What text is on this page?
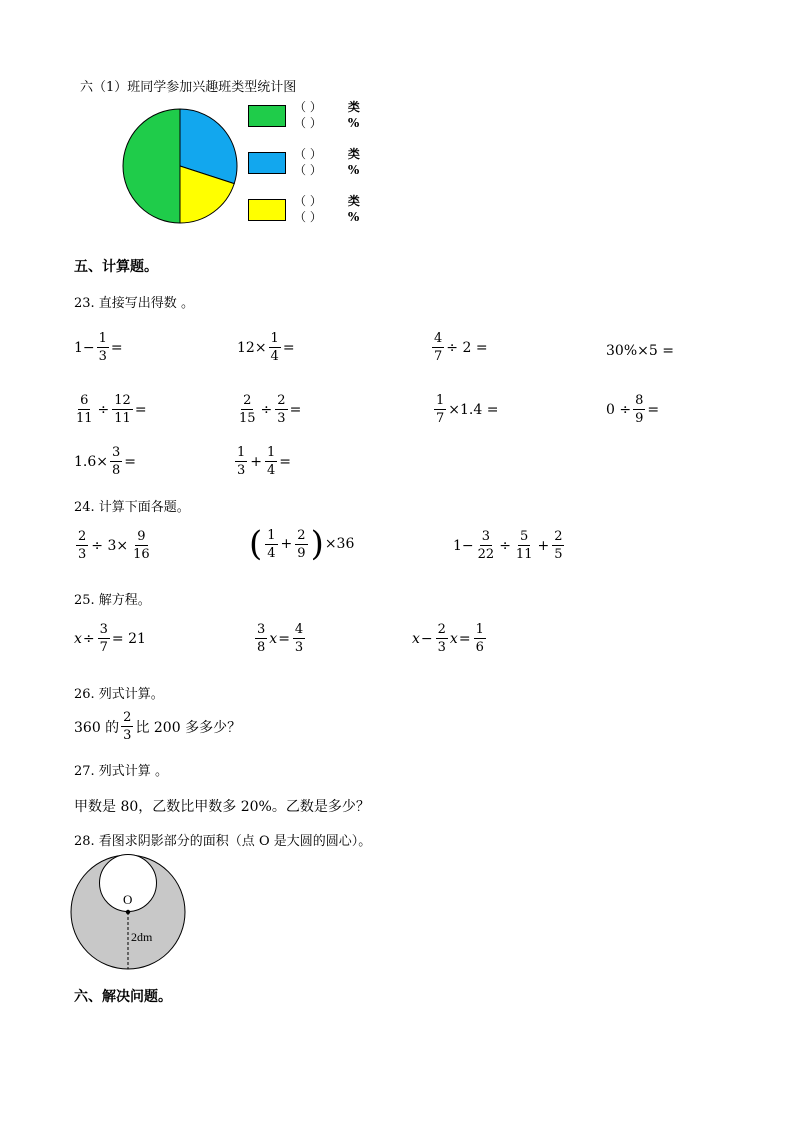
六（1）班同学参加兴趣班类型统计图
（ ） 类
（ ） %
（ ） 类
（ ） %
（ ） 类
（ ） %
五、计算题。
23. 直接写出得数 。
$1- \frac{1}{3}$ =	$12\times \frac{1}{4}$ =	$\frac{4}{7} \div 2$ =	30%×5 =
$\frac{6}{11} \div \frac{12}{11}$ =	$\frac{2}{15} \div \frac{2}{3}$ =	$\frac{1}{7} \times 1.4$ =	$0 \div \frac{8}{9}$ =
$1.6\times \frac{3}{8}$ =	$\frac{1}{3} + \frac{1}{4}$ =
24. 计算下面各题。
$\frac{2}{3} \div 3\times \frac{9}{16}$	( $\frac{1}{4} + \frac{2}{9}$ ) ×36	$1- \frac{3}{22} \div \frac{5}{11} + \frac{2}{5}$
25. 解方程。
$x \div \frac{3}{7} = 21$	$\frac{3}{8}$ $x = \frac{4}{3}$	$x - \frac{2}{3}$ $x = \frac{1}{6}$
26. 列式计算。
360 的 $\frac{2}{3}$ 比 200 多多少？
27. 列式计算 。
甲数是 80，乙数比甲数多 20%。乙数是多少？
28. 看图求阴影部分的面积（点 O 是大圆的圆心）。
O
2dm
六、解决问题。
